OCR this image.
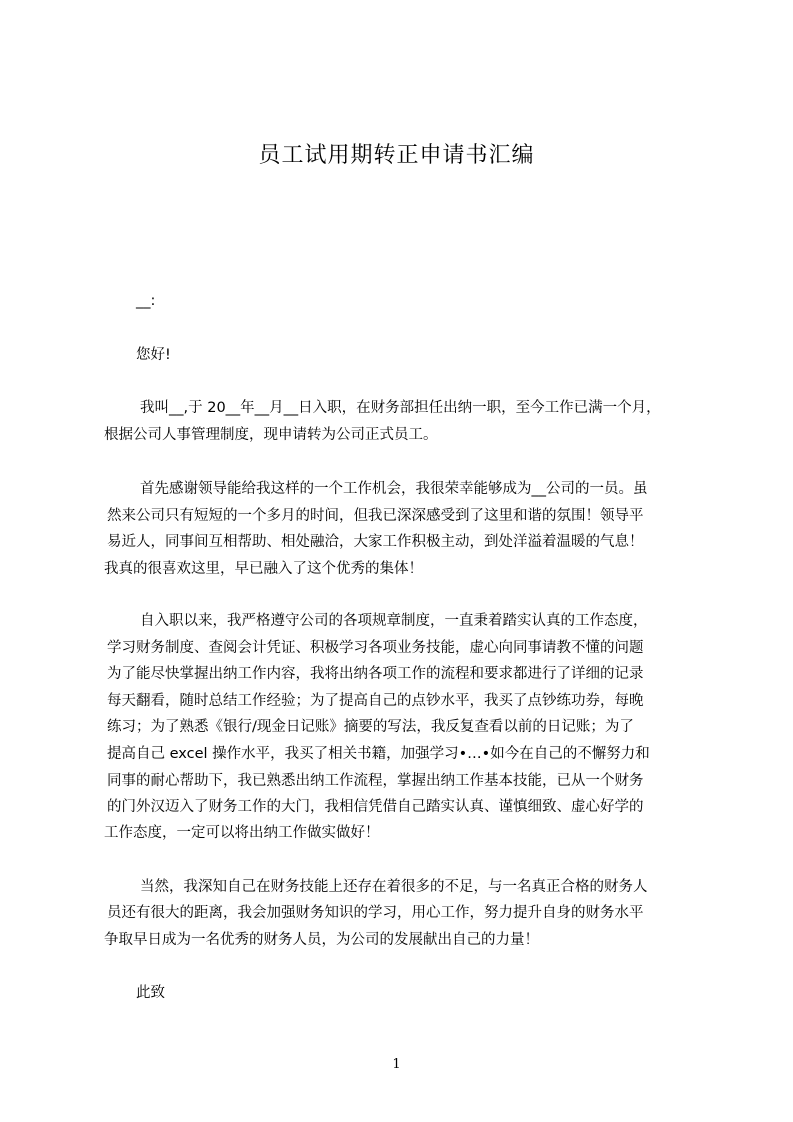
员工试用期转正申请书汇编
__:
您好!
我叫__,于 20__年__月__日入职，在财务部担任出纳一职，至今工作已满一个月，
根据公司人事管理制度，现申请转为公司正式员工。
首先感谢领导能给我这样的一个工作机会，我很荣幸能够成为__公司的一员。虽
然来公司只有短短的一个多月的时间，但我已深深感受到了这里和谐的氛围！领导平
易近人，同事间互相帮助、相处融洽，大家工作积极主动，到处洋溢着温暖的气息！
我真的很喜欢这里，早已融入了这个优秀的集体！
自入职以来，我严格遵守公司的各项规章制度，一直秉着踏实认真的工作态度，
学习财务制度、查阅会计凭证、积极学习各项业务技能，虚心向同事请教不懂的问题
为了能尽快掌握出纳工作内容，我将出纳各项工作的流程和要求都进行了详细的记录
每天翻看，随时总结工作经验；为了提高自己的点钞水平，我买了点钞练功券，每晚
练习；为了熟悉《银行/现金日记账》摘要的写法，我反复查看以前的日记账；为了
提高自己 excel 操作水平，我买了相关书籍，加强学习•…•如今在自己的不懈努力和
同事的耐心帮助下，我已熟悉出纳工作流程，掌握出纳工作基本技能，已从一个财务
的门外汉迈入了财务工作的大门，我相信凭借自己踏实认真、谨慎细致、虚心好学的
工作态度，一定可以将出纳工作做实做好！
当然，我深知自己在财务技能上还存在着很多的不足，与一名真正合格的财务人
员还有很大的距离，我会加强财务知识的学习，用心工作，努力提升自身的财务水平
争取早日成为一名优秀的财务人员，为公司的发展献出自己的力量！
此致
1
